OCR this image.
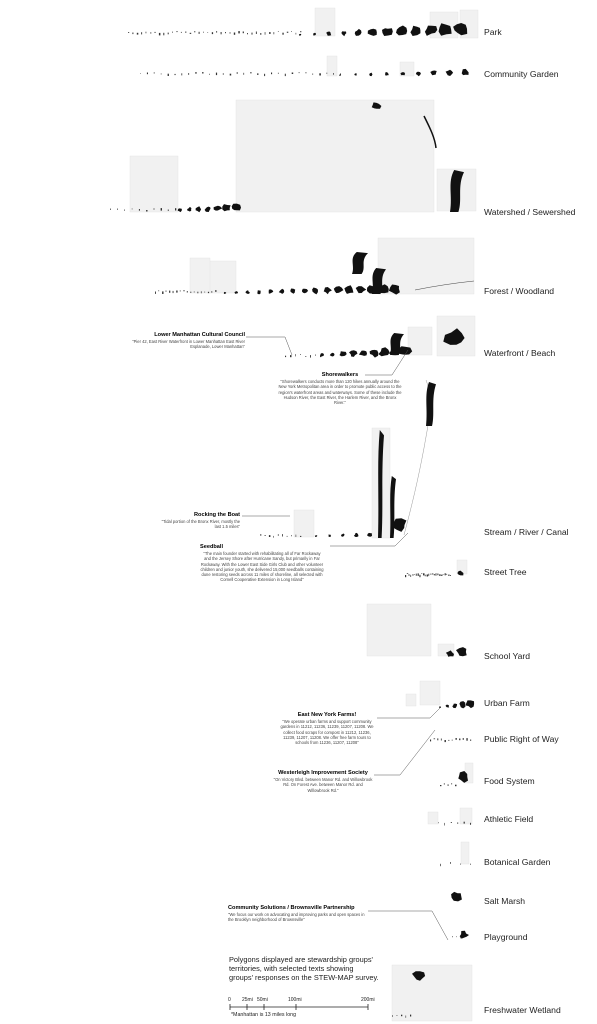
Park
Community Garden
Watershed / Sewershed
Forest / Woodland
Waterfront / Beach
Stream / River / Canal
Street Tree
School Yard
Urban Farm
Public Right of Way
Food System
Athletic Field
Botanical Garden
Salt Marsh
Playground
Freshwater Wetland
Lower Manhattan Cultural Council
"Pier 42, East River Waterfront in Lower Manhattan East River Esplanade, Lower Manhattan"
Shorewalkers
"Shorewalkers conducts more than 120 hikes annually around the New York Metropolitan area in order to promote public access to the region's waterfront areas and waterways. Some of these include the Hudson River, the East River, the Harlem River, and the Bronx River."
Rocking the Boat
"Tidal portion of the Bronx River, mostly the last 1.5 miles"
Seedball
"The main founder started with rehabilitating all of Far Rockaway and the Jersey Shore after Hurricane Sandy, but primarily in Far Rockaway. With the Lower East Side Girls Club and other volunteer children and junior youth, she delivered 15,000 seedballs containing dune restoring seeds across 11 miles of shoreline, all selected with Cornell Cooperative Extension in Long Island"
East New York Farms!
"We operate urban farms and support community gardens in 11212, 11236, 11239, 11207, 11208. We collect food scraps for compost in 11212, 11236, 11239, 11207, 11208. We offer free farm tours to schools from 11236, 11207, 11208"
Westerleigh Improvement Society
"On Victory Blvd. between Manor Rd. and Willowbrook Rd. On Forest Ave. between Manor Rd. and Willowbrook Rd."
Community Solutions / Brownsville Partnership
"We focus our work on advocating and improving parks and open spaces in the Brooklyn neighborhood of Brownsville"
Polygons displayed are stewardship groups' territories, with selected texts showing groups' responses on the STEW-MAP survey.
0 25mi 50mi	100mi	200mi
*Manhattan is 13 miles long
